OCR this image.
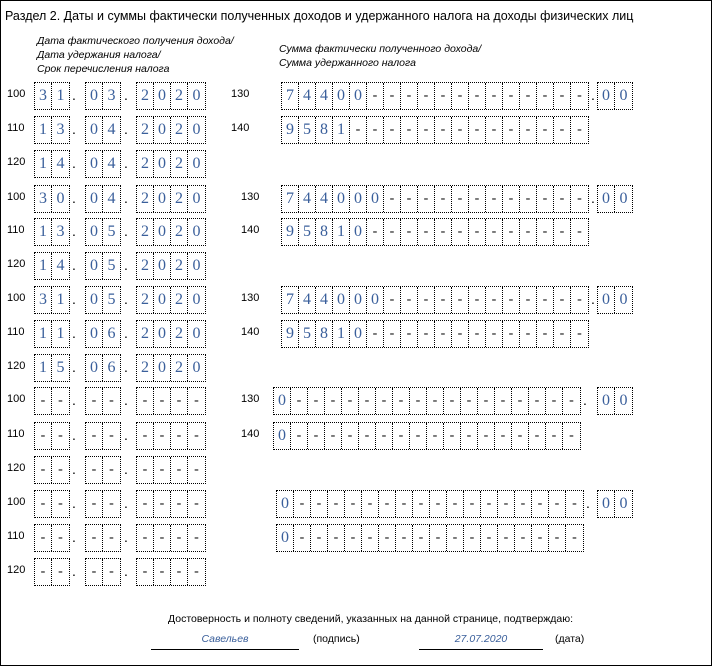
Раздел 2. Даты и суммы фактически полученных доходов и удержанного налога на доходы физических лиц
Дата фактического получения дохода/
Дата удержания налога/
Срок перечисления налога
Сумма фактически полученного дохода/
Сумма удержанного налога
100 3 1 . 0 3 . 2 0 2 0	130 7 4 4 0 0 - - - - - - - - - - - - - . 0 0
110 1 3 . 0 4 . 2 0 2 0	140 9 5 8 1 - - - - - - - - - - - - - -
120 1 4 . 0 4 . 2 0 2 0
100 3 0 . 0 4 . 2 0 2 0	130 7 4 4 0 0 0 - - - - - - - - - - - - . 0 0
110 1 3 . 0 5 . 2 0 2 0	140 9 5 8 1 0 - - - - - - - - - - - - -
120 1 4 . 0 5 . 2 0 2 0
100 3 1 . 0 5 . 2 0 2 0	130 7 4 4 0 0 0 - - - - - - - - - - - - . 0 0
110 1 1 . 0 6 . 2 0 2 0	140 9 5 8 1 0 - - - - - - - - - - - - -
120 1 5 . 0 6 . 2 0 2 0
100	- - .	- - .	- - - -	130 0 - - - - - - - - - - - - - - - - - . 0 0
110	- - .	- - .	- - - -	140 0 - - - - - - - - - - - - - - - - -
120	- - .	- - .	- - - -
100	- - .	- - .	- - - -	0 - - - - - - - - - - - - - - - - - . 0 0
110	- - .	- - .	- - - -	0 - - - - - - - - - - - - - - - - -
120	- - .	- - .	- - - -
Достоверность и полноту сведений, указанных на данной странице, подтверждаю:
Савельев	(подпись)	27.07.2020	(дата)
